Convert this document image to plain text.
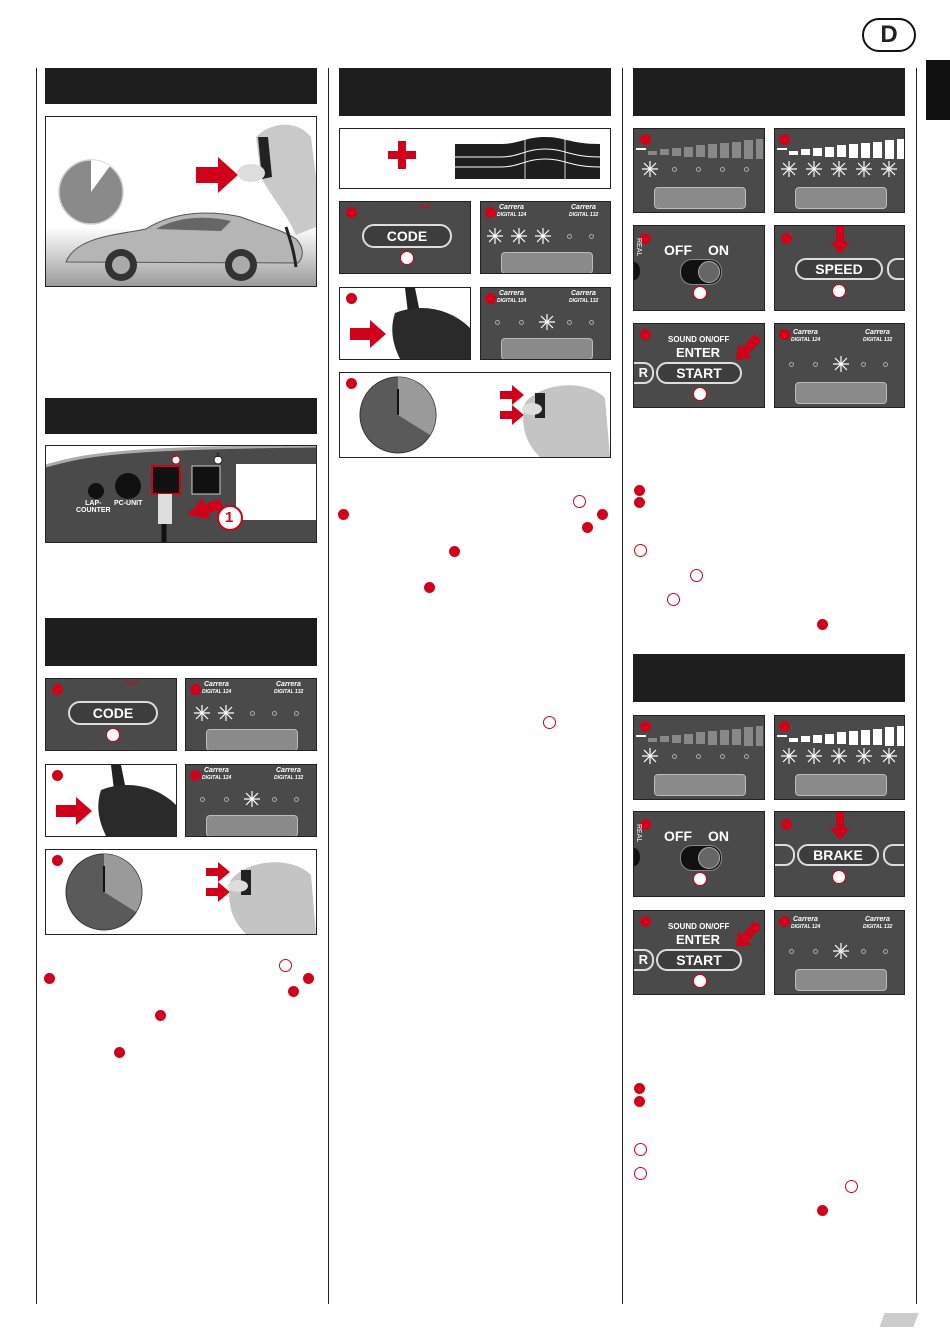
D
LAP-
COUNTER
PC-UNIT
1	2
1
CODE
Carrera
DIGITAL 124
Carrera
DIGITAL 132
Carrera
DIGITAL 124
Carrera
DIGITAL 132
CODE
Carrera
DIGITAL 124
Carrera
DIGITAL 132
Carrera
DIGITAL 124
Carrera
DIGITAL 132
REAL OFF ON
SPEED
SOUND ON/OFF
ENTER
R	START
Carrera
DIGITAL 124
Carrera
DIGITAL 132
REAL OFF ON
BRAKE
SOUND ON/OFF
ENTER
R	START
Carrera
DIGITAL 124
Carrera
DIGITAL 132
